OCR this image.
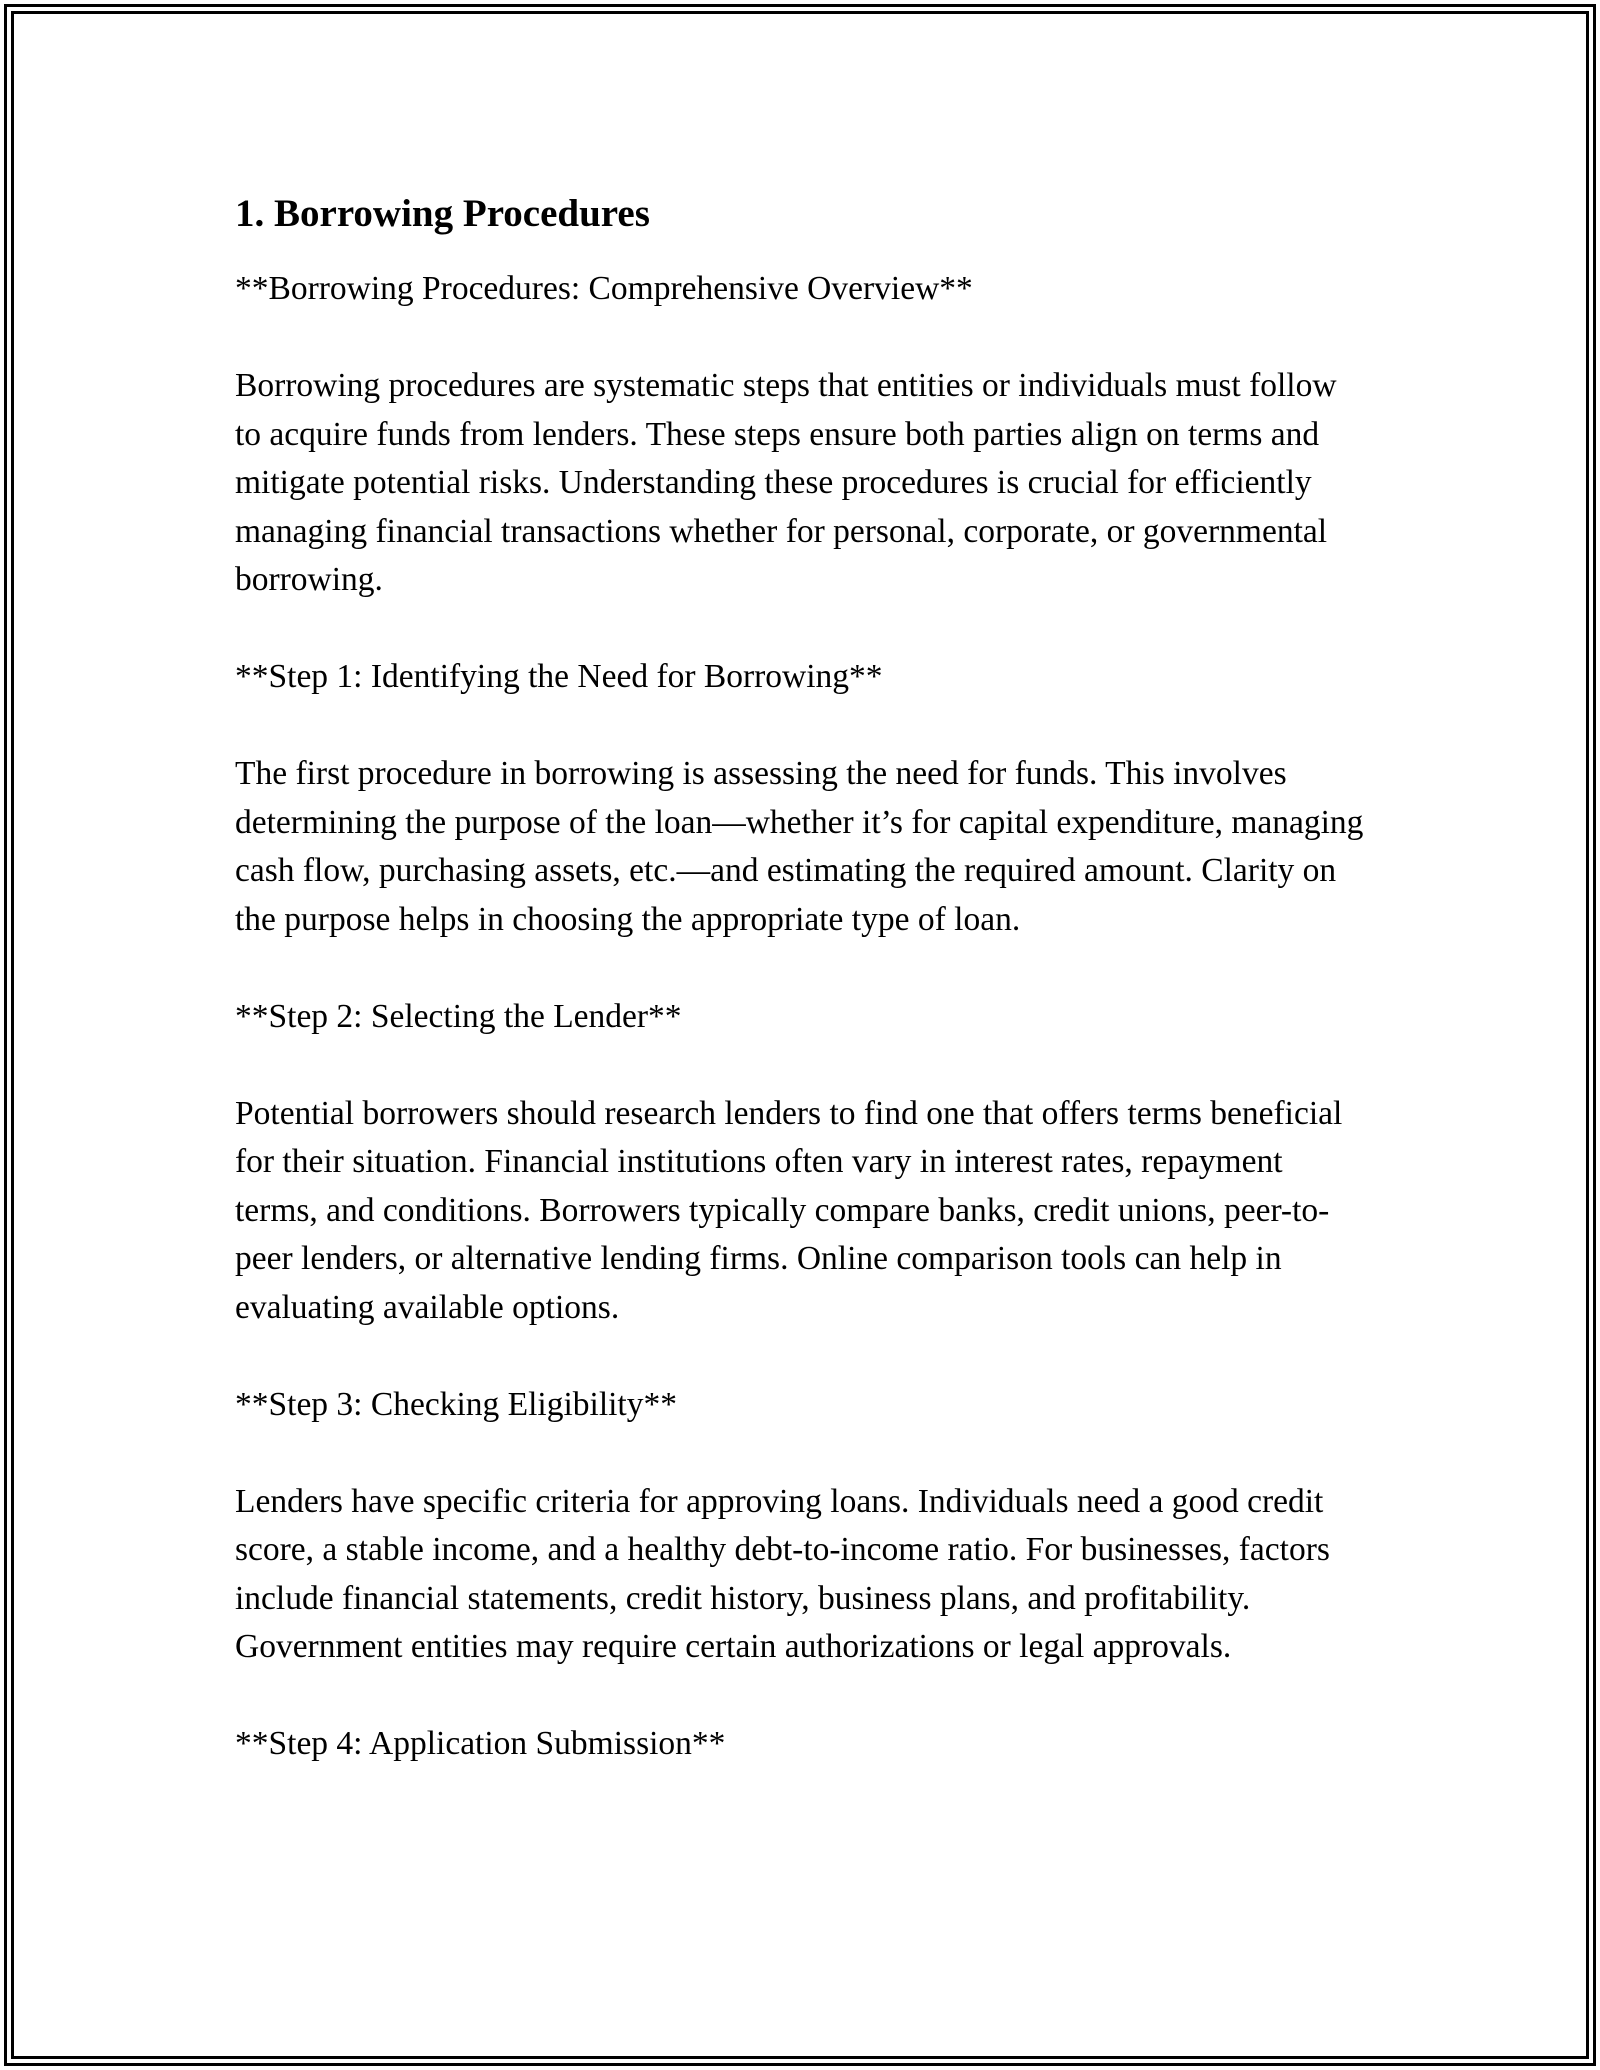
1. Borrowing Procedures

**Borrowing Procedures: Comprehensive Overview**

Borrowing procedures are systematic steps that entities or individuals must follow to acquire funds from lenders. These steps ensure both parties align on terms and mitigate potential risks. Understanding these procedures is crucial for efficiently managing financial transactions whether for personal, corporate, or governmental borrowing.

**Step 1: Identifying the Need for Borrowing**

The first procedure in borrowing is assessing the need for funds. This involves determining the purpose of the loan—whether it’s for capital expenditure, managing cash flow, purchasing assets, etc.—and estimating the required amount. Clarity on the purpose helps in choosing the appropriate type of loan.

**Step 2: Selecting the Lender**

Potential borrowers should research lenders to find one that offers terms beneficial for their situation. Financial institutions often vary in interest rates, repayment terms, and conditions. Borrowers typically compare banks, credit unions, peer-to-peer lenders, or alternative lending firms. Online comparison tools can help in evaluating available options.

**Step 3: Checking Eligibility**

Lenders have specific criteria for approving loans. Individuals need a good credit score, a stable income, and a healthy debt-to-income ratio. For businesses, factors include financial statements, credit history, business plans, and profitability. Government entities may require certain authorizations or legal approvals.

**Step 4: Application Submission**
